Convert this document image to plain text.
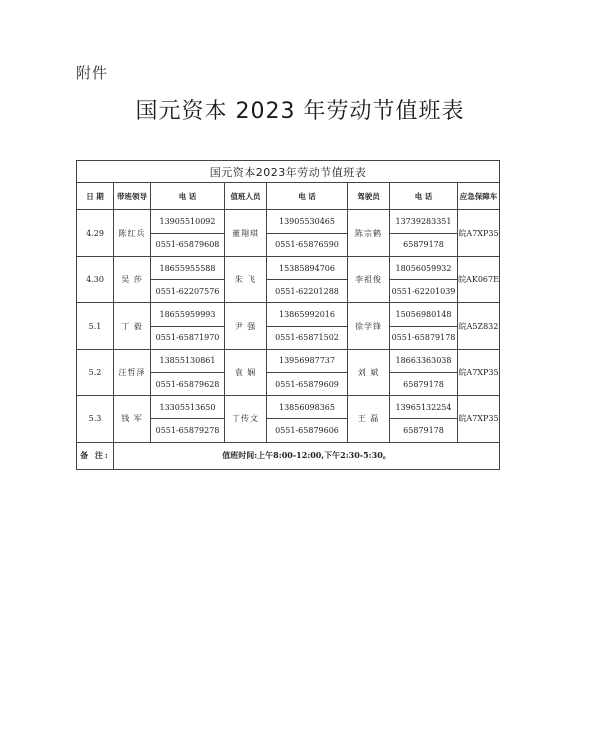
附件
国元资本 2023 年劳动节值班表
国元资本2023年劳动节值班表							
日 期	带班领导	电 话	值班人员	电 话	驾驶员	电 话	应急保障车
4.29	陈红兵	13905510092	董翔琪	13905530465	陈宗鹤	13739283351	皖A7XP35
		0551-65879608		0551-65876590		65879178	
4.30	吴 莎	18655955588	朱 飞	15385894706	李祖俊	18056059932	皖AK067E
		0551-62207576		0551-62201288		0551-62201039	
5.1	丁 毅	18655959993	尹 强	13865992016	徐学锋	15056980148	皖A5Z832
		0551-65871970		0551-65871502		0551-65879178	
5.2	汪哲泽	13855130861	袁 娴	13956987737	刘 斌	18663363038	皖A7XP35
		0551-65879628		0551-65879609		65879178	
5.3	钱 军	13305513650	丁传文	13856098365	王 磊	13965132254	皖A7XP35
		0551-65879278		0551-65879606		65879178	
备 注:	值班时间:上午8:00-12:00,下午2:30-5:30。						
